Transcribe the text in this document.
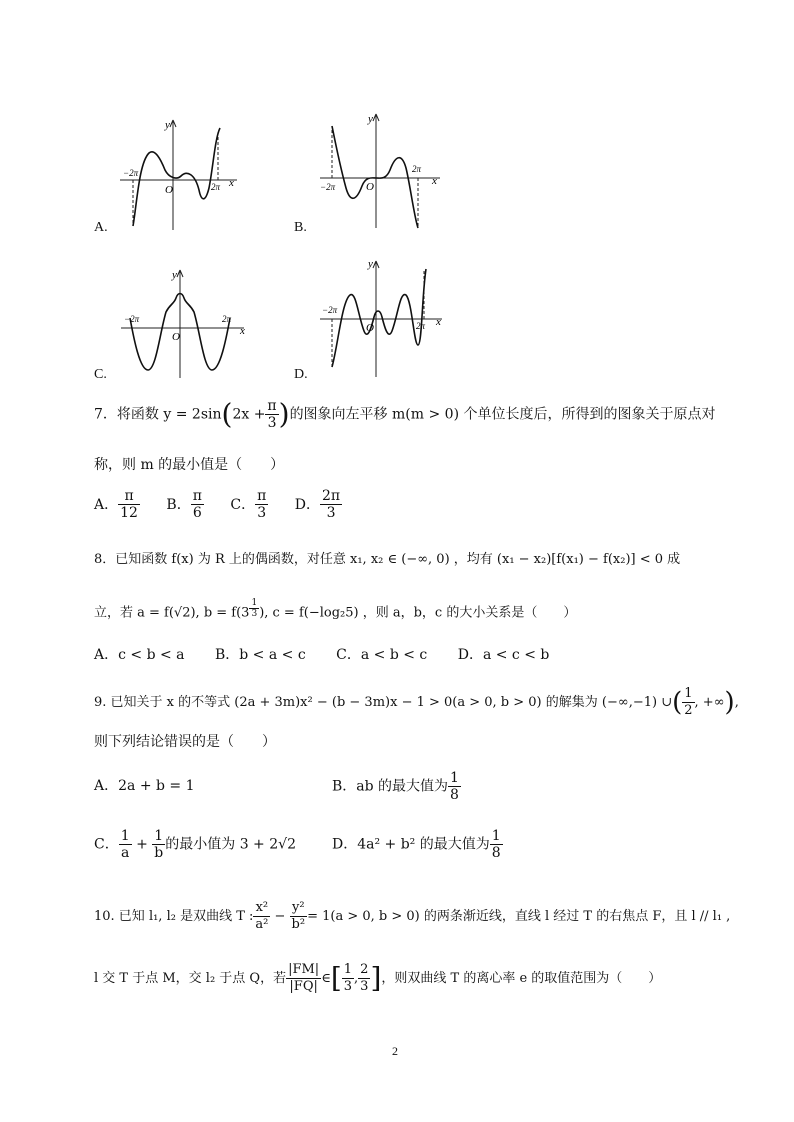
y
x
O
−2π
2π
A.
y
x
O
−2π
2π
B.
y
x
O
−2π	2π
C.
y
x
O
−2π
2π
D.
7．将函数 $y = 2\sin(2x + \frac{\pi}{3}$ )的图象向左平移 m(m > 0) 个单位长度后，所得到的图象关于原点对
称，则 m 的最小值是（　　）
A． $\frac{\pi}{12}$ B． $\frac{\pi}{6}$ C． $\frac{\pi}{3}$ D． $\frac{2\pi}{3}$
8．已知函数 f(x) 为 R 上的偶函数，对任意 x₁, x₂ ∈ (−∞, 0) ，均有 (x₁ − x₂)[f(x₁) − f(x₂)] < 0 成
立，若 a = f(√2), b = f(3 $^{\frac{1}{3}}$ ), c = f(−log₂5) ，则 a，b，c 的大小关系是（　　）
A．c < b < a B．b < a < c C．a < b < c D．a < c < b
9. 已知关于 x 的不等式 (2a + 3m)x² − (b − 3m)x − 1 > 0(a > 0, b > 0) 的解集为 (−∞,−1) ∪( $\frac{1}{2}$ , +∞),
则下列结论错误的是（　　）
A．2a + b = 1	B．ab 的最大值为 $\frac{1}{8}$
C． $\frac{1}{a} + \frac{1}{b}$ 的最小值为 3 + 2√2	D．4a² + b² 的最大值为 $\frac{1}{8}$
10. 已知 l₁, l₂ 是双曲线 T : $\frac{\text{x²}}{\text{a²}} - \frac{\text{y²}}{\text{b²}} = 1(a > 0$, b > 0) 的两条渐近线，直线 l 经过 T 的右焦点 F，且 l // l₁ ,
l 交 T 于点 M，交 l₂ 于点 Q，若 $\frac{|FM|}{|FQ|}$ ∈[ $\frac{1}{3}$ , $\frac{2}{3}$ ]，则双曲线 T 的离心率 e 的取值范围为（　　）
2
